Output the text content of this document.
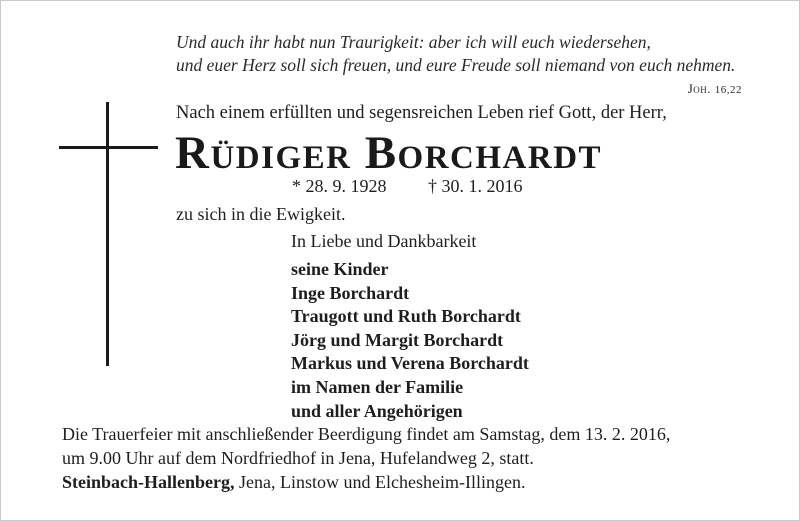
Und auch ihr habt nun Traurigkeit: aber ich will euch wiedersehen,
und euer Herz soll sich freuen, und eure Freude soll niemand von euch nehmen.
Joh. 16,22
Nach einem erfüllten und segensreichen Leben rief Gott, der Herr,
Rüdiger Borchardt
* 28. 9. 1928 † 30. 1. 2016
zu sich in die Ewigkeit.
In Liebe und Dankbarkeit
seine Kinder
Inge Borchardt
Traugott und Ruth Borchardt
Jörg und Margit Borchardt
Markus und Verena Borchardt
im Namen der Familie
und aller Angehörigen
Die Trauerfeier mit anschließender Beerdigung findet am Samstag, dem 13. 2. 2016,
um 9.00 Uhr auf dem Nordfriedhof in Jena, Hufelandweg 2, statt.
Steinbach-Hallenberg, Jena, Linstow und Elchesheim-Illingen.
